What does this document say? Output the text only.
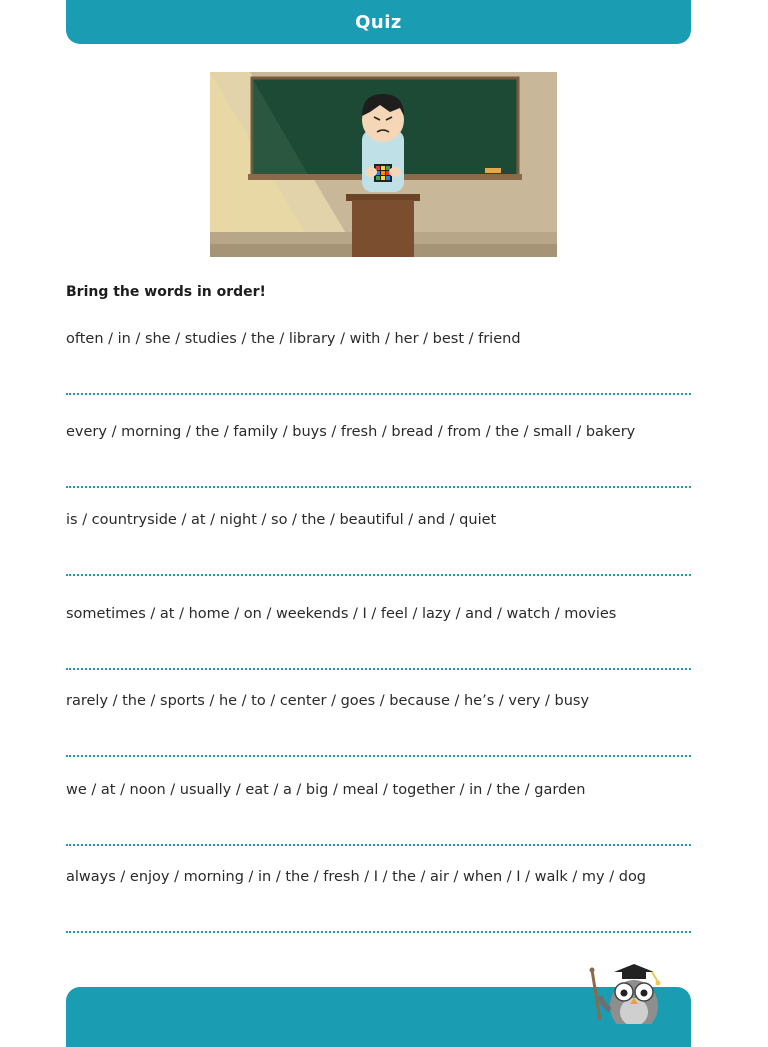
Quiz
Bring the words in order!
often / in / she / studies / the / library / with / her / best / friend
every / morning / the / family / buys / fresh / bread / from / the / small / bakery
is / countryside / at / night / so / the / beautiful / and / quiet
sometimes / at / home / on / weekends / I / feel / lazy / and / watch / movies
rarely / the / sports / he / to / center / goes / because / he’s / very / busy
we / at / noon / usually / eat / a / big / meal / together / in / the / garden
always / enjoy / morning / in / the / fresh / I / the / air / when / I / walk / my / dog
